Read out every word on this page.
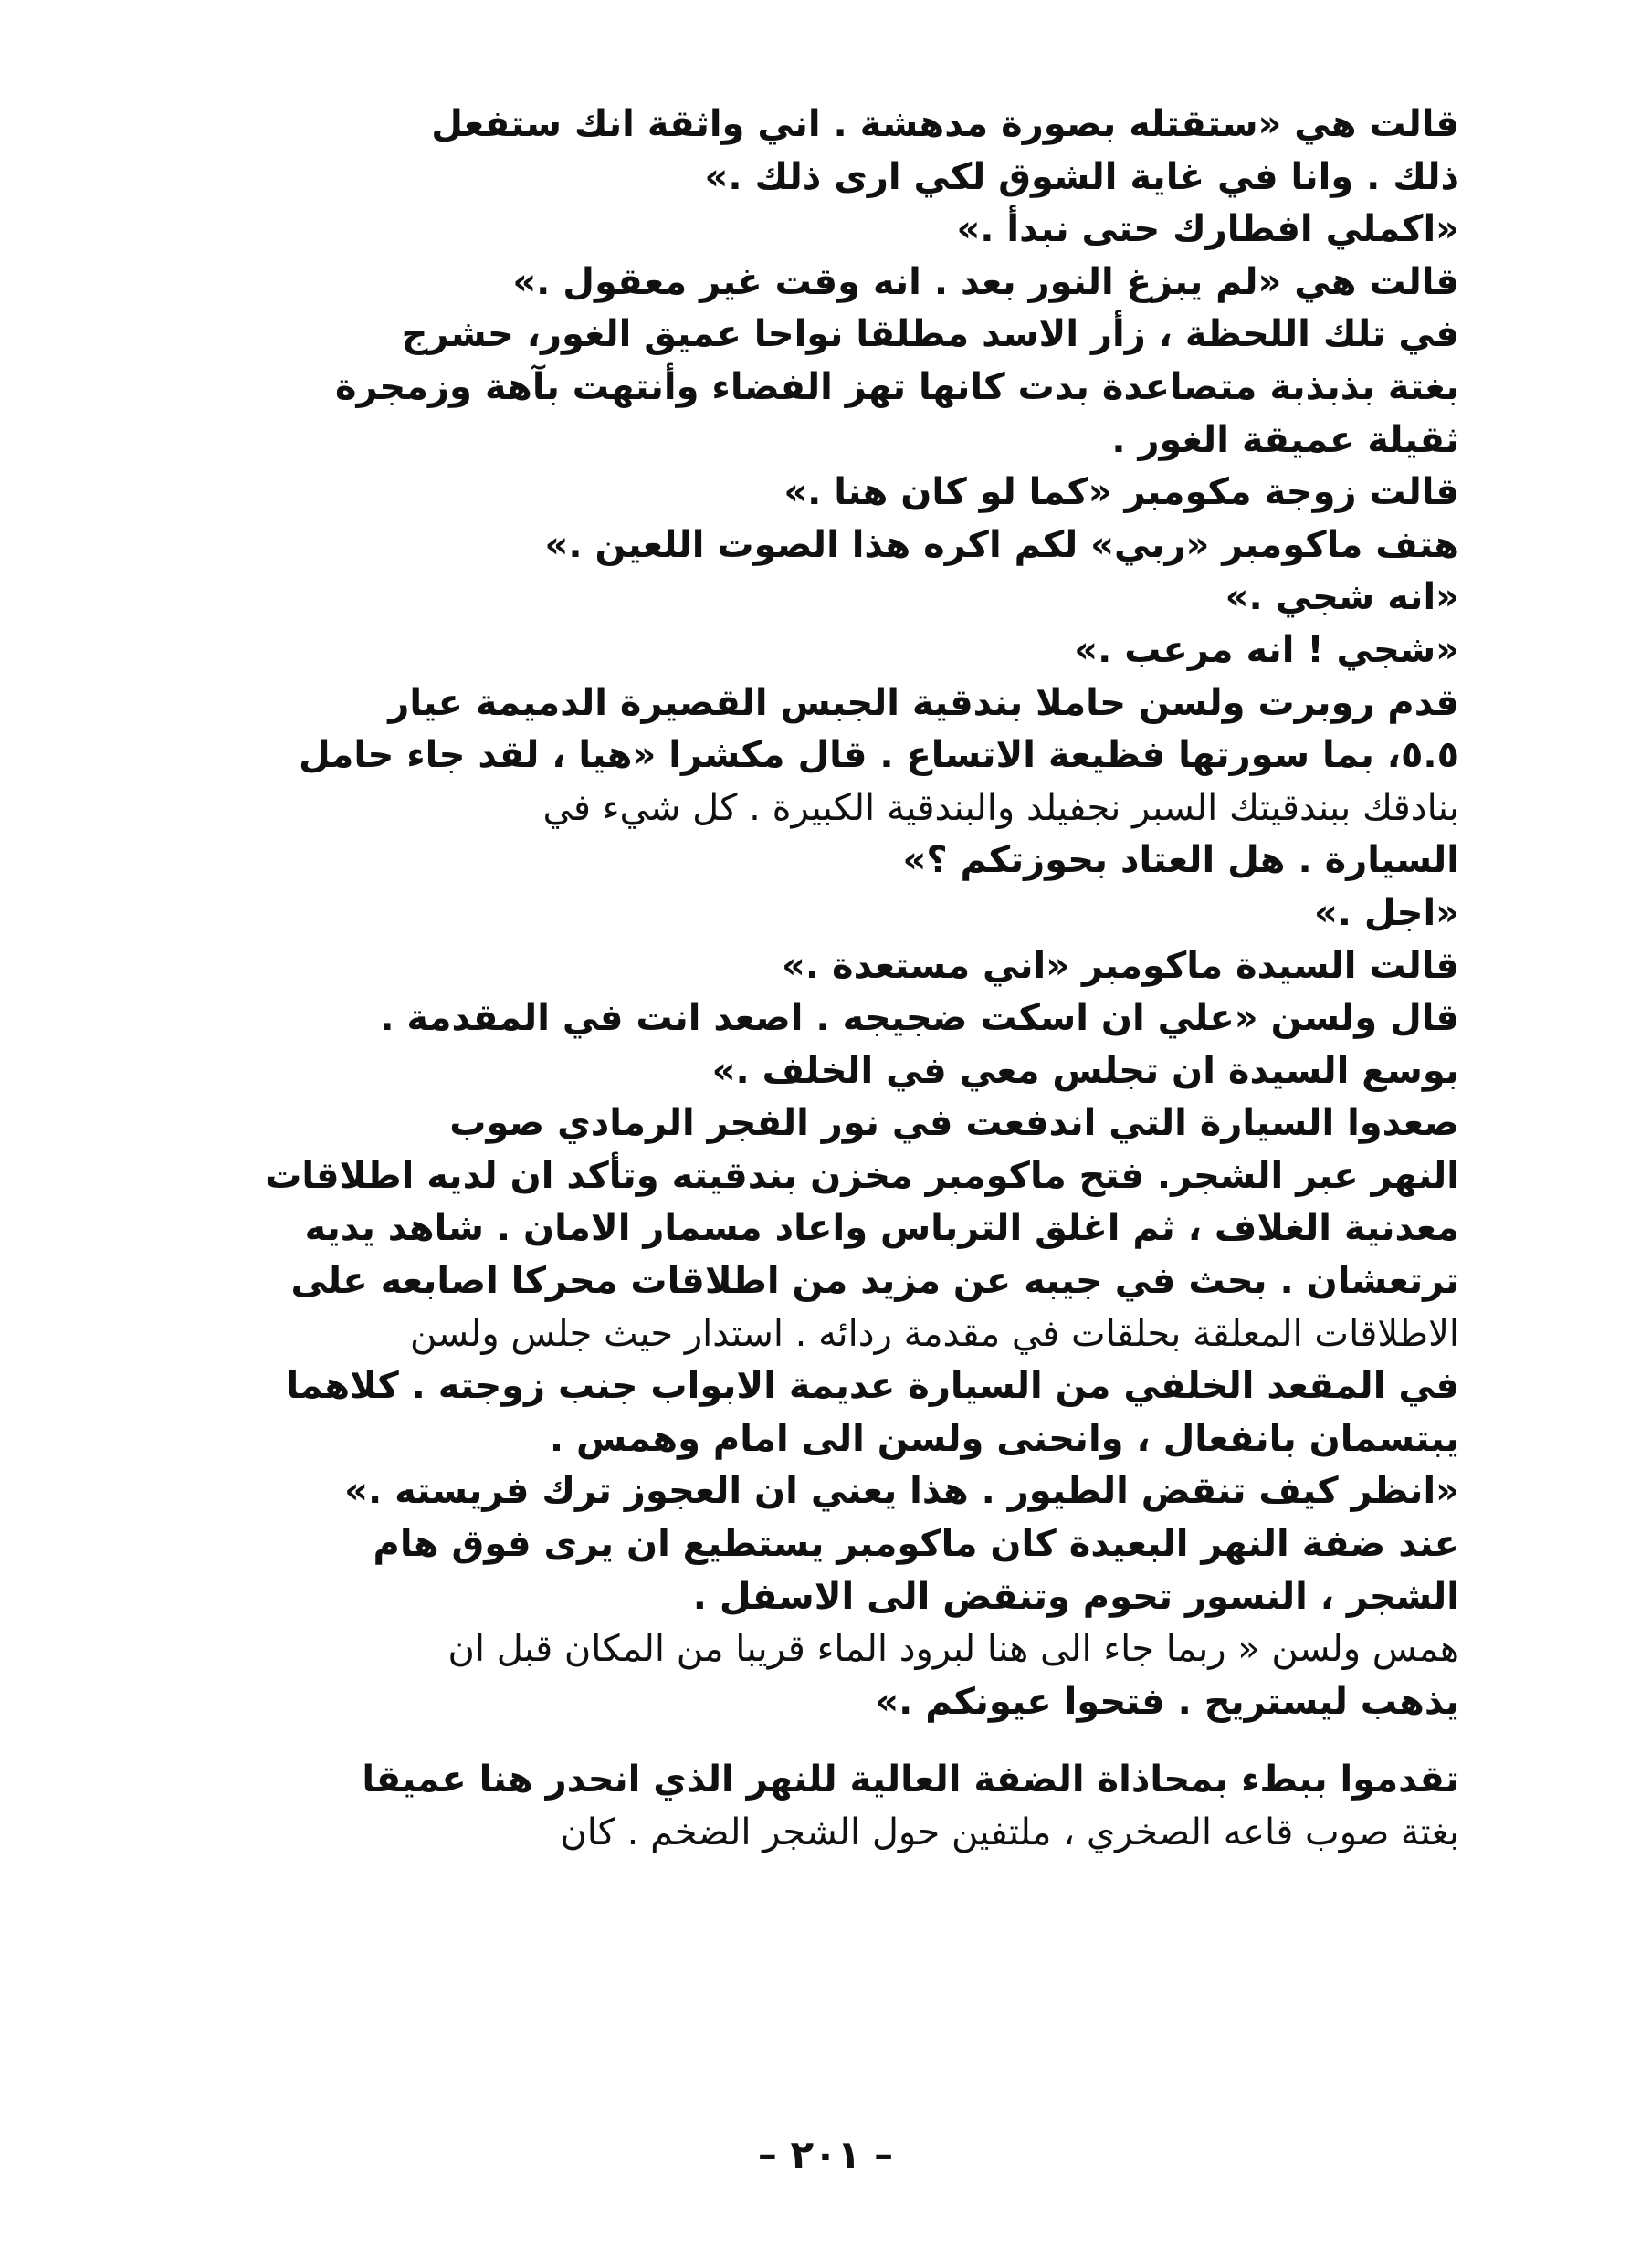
قالت هي «ستقتله بصورة مدهشة . اني واثقة انك ستفعل
ذلك . وانا في غاية الشوق لكي ارى ذلك .»
«اكملي افطارك حتى نبدأ .»
قالت هي «لم يبزغ النور بعد . انه وقت غير معقول .»
في تلك اللحظة ، زأر الاسد مطلقا نواحا عميق الغور، حشرج
بغتة بذبذبة متصاعدة بدت كانها تهز الفضاء وأنتهت بآهة وزمجرة
ثقيلة عميقة الغور .
قالت زوجة مكومبر «كما لو كان هنا .»
هتف ماكومبر «ربي» لكم اكره هذا الصوت اللعين .»
«انه شجي .»
«شجي ! انه مرعب .»
قدم روبرت ولسن حاملا بندقية الجبس القصيرة الدميمة عيار
٥.٥، بما سورتها فظيعة الاتساع . قال مكشرا «هيا ، لقد جاء حامل
بنادقك ببندقيتك السبر نجفيلد والبندقية الكبيرة . كل شيء في
السيارة . هل العتاد بحوزتكم ؟»
«اجل .»
قالت السيدة ماكومبر «اني مستعدة .»
قال ولسن «علي ان اسكت ضجيجه . اصعد انت في المقدمة .
بوسع السيدة ان تجلس معي في الخلف .»
صعدوا السيارة التي اندفعت في نور الفجر الرمادي صوب
النهر عبر الشجر. فتح ماكومبر مخزن بندقيته وتأكد ان لديه اطلاقات
معدنية الغلاف ، ثم اغلق الترباس واعاد مسمار الامان . شاهد يديه
ترتعشان . بحث في جيبه عن مزيد من اطلاقات محركا اصابعه على
الاطلاقات المعلقة بحلقات في مقدمة ردائه . استدار حيث جلس ولسن
في المقعد الخلفي من السيارة عديمة الابواب جنب زوجته . كلاهما
يبتسمان بانفعال ، وانحنى ولسن الى امام وهمس .
«انظر كيف تنقض الطيور . هذا يعني ان العجوز ترك فريسته .»
عند ضفة النهر البعيدة كان ماكومبر يستطيع ان يرى فوق هام
الشجر ، النسور تحوم وتنقض الى الاسفل .
همس ولسن « ربما جاء الى هنا لبرود الماء قريبا من المكان قبل ان
يذهب ليستريح . فتحوا عيونكم .»
تقدموا ببطء بمحاذاة الضفة العالية للنهر الذي انحدر هنا عميقا
بغتة صوب قاعه الصخري ، ملتفين حول الشجر الضخم . كان
– ٢٠١ –
